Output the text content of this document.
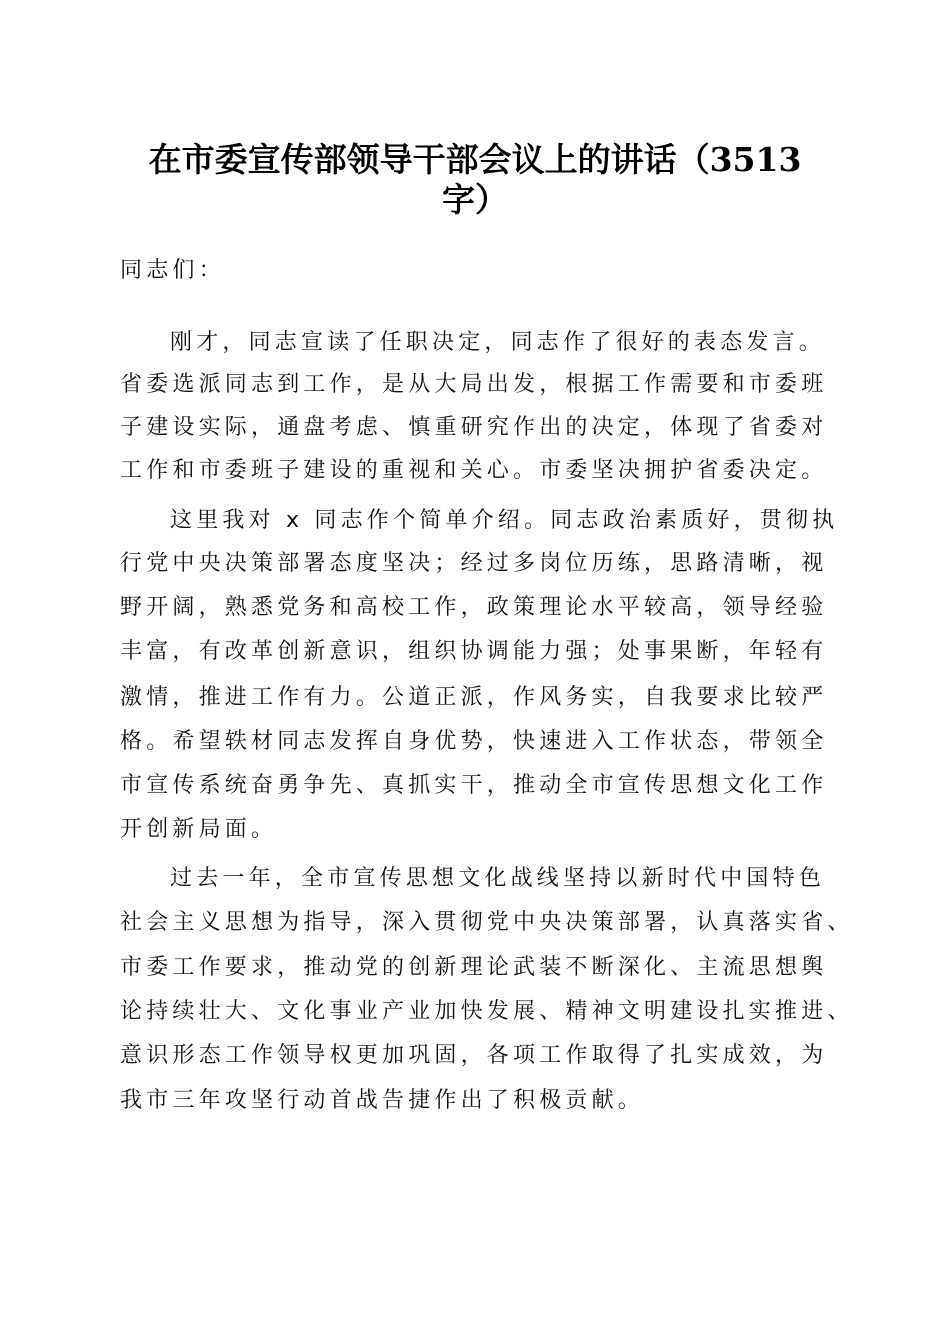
在市委宣传部领导干部会议上的讲话（3513
字）
同志们：
刚才，同志宣读了任职决定，同志作了很好的表态发言。
省委选派同志到工作，是从大局出发，根据工作需要和市委班
子建设实际，通盘考虑、慎重研究作出的决定，体现了省委对
工作和市委班子建设的重视和关心。市委坚决拥护省委决定。
这里我对 x 同志作个简单介绍。同志政治素质好，贯彻执
行党中央决策部署态度坚决；经过多岗位历练，思路清晰，视
野开阔，熟悉党务和高校工作，政策理论水平较高，领导经验
丰富，有改革创新意识，组织协调能力强；处事果断，年轻有
激情，推进工作有力。公道正派，作风务实，自我要求比较严
格。希望轶材同志发挥自身优势，快速进入工作状态，带领全
市宣传系统奋勇争先、真抓实干，推动全市宣传思想文化工作
开创新局面。
过去一年，全市宣传思想文化战线坚持以新时代中国特色
社会主义思想为指导，深入贯彻党中央决策部署，认真落实省、
市委工作要求，推动党的创新理论武装不断深化、主流思想舆
论持续壮大、文化事业产业加快发展、精神文明建设扎实推进、
意识形态工作领导权更加巩固，各项工作取得了扎实成效，为
我市三年攻坚行动首战告捷作出了积极贡献。
